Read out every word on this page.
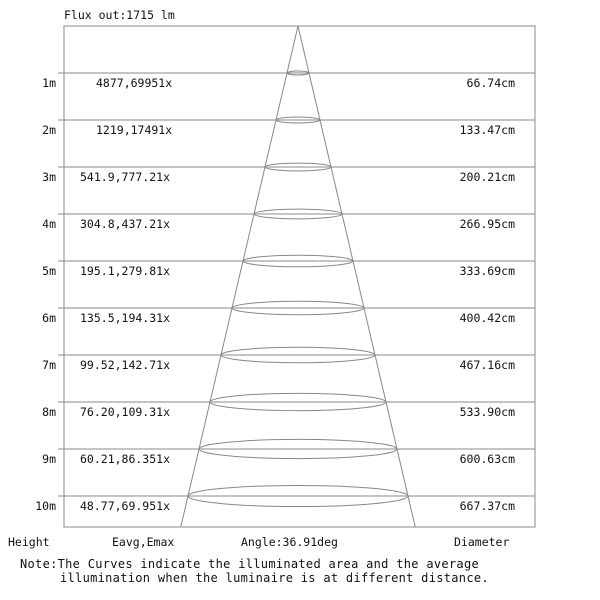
Flux out:1715 lm
1m	4877,69951x	66.74cm
2m	1219,17491x	133.47cm
3m 541.9,777.21x	200.21cm
4m 304.8,437.21x	266.95cm
5m 195.1,279.81x	333.69cm
6m 135.5,194.31x	400.42cm
7m 99.52,142.71x	467.16cm
8m 76.20,109.31x	533.90cm
9m 60.21,86.351x	600.63cm
10m 48.77,69.951x	667.37cm
Height	Eavg,Emax	Angle:36.91deg	Diameter
Note:The Curves indicate the illuminated area and the average
illumination when the luminaire is at different distance.
